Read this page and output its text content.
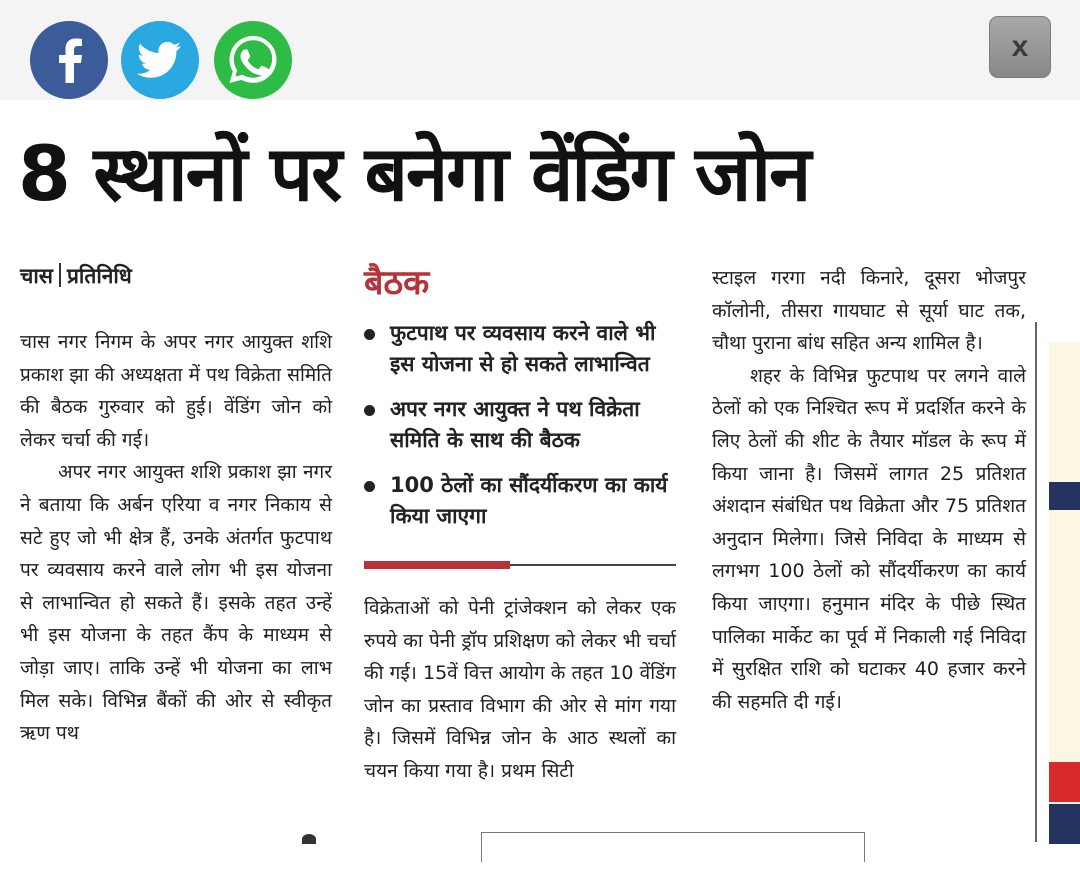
x
8 स्थानों पर बनेगा वेंडिंग जोन
चास प्रतिनिधि

चास नगर निगम के अपर नगर आयुक्त शशि प्रकाश झा की अध्यक्षता में पथ विक्रेता समिति की बैठक गुरुवार को हुई। वेंडिंग जोन को लेकर चर्चा की गई।

अपर नगर आयुक्त शशि प्रकाश झा नगर ने बताया कि अर्बन एरिया व नगर निकाय से सटे हुए जो भी क्षेत्र हैं, उनके अंतर्गत फुटपाथ पर व्यवसाय करने वाले लोग भी इस योजना से लाभान्वित हो सकते हैं। इसके तहत उन्हें भी इस योजना के तहत कैंप के माध्यम से जोड़ा जाए। ताकि उन्हें भी योजना का लाभ मिल सके। विभिन्न बैंकों की ओर से स्वीकृत ऋण पथ

बैठक
फुटपाथ पर व्यवसाय करने वाले भी इस योजना से हो सकते लाभान्वित
अपर नगर आयुक्त ने पथ विक्रेता समिति के साथ की बैठक
100 ठेलों का सौंदर्यीकरण का कार्य किया जाएगा

विक्रेताओं को पेनी ट्रांजेक्शन को लेकर एक रुपये का पेनी ड्रॉप प्रशिक्षण को लेकर भी चर्चा की गई। 15वें वित्त आयोग के तहत 10 वेंडिंग जोन का प्रस्ताव विभाग की ओर से मांग गया है। जिसमें विभिन्न जोन के आठ स्थलों का चयन किया गया है। प्रथम सिटी

स्टाइल गरगा नदी किनारे, दूसरा भोजपुर कॉलोनी, तीसरा गायघाट से सूर्या घाट तक, चौथा पुराना बांध सहित अन्य शामिल है।

शहर के विभिन्न फुटपाथ पर लगने वाले ठेलों को एक निश्चित रूप में प्रदर्शित करने के लिए ठेलों की शीट के तैयार मॉडल के रूप में किया जाना है। जिसमें लागत 25 प्रतिशत अंशदान संबंधित पथ विक्रेता और 75 प्रतिशत अनुदान मिलेगा। जिसे निविदा के माध्यम से लगभग 100 ठेलों को सौंदर्यीकरण का कार्य किया जाएगा। हनुमान मंदिर के पीछे स्थित पालिका मार्केट का पूर्व में निकाली गई निविदा में सुरक्षित राशि को घटाकर 40 हजार करने की सहमति दी गई।
